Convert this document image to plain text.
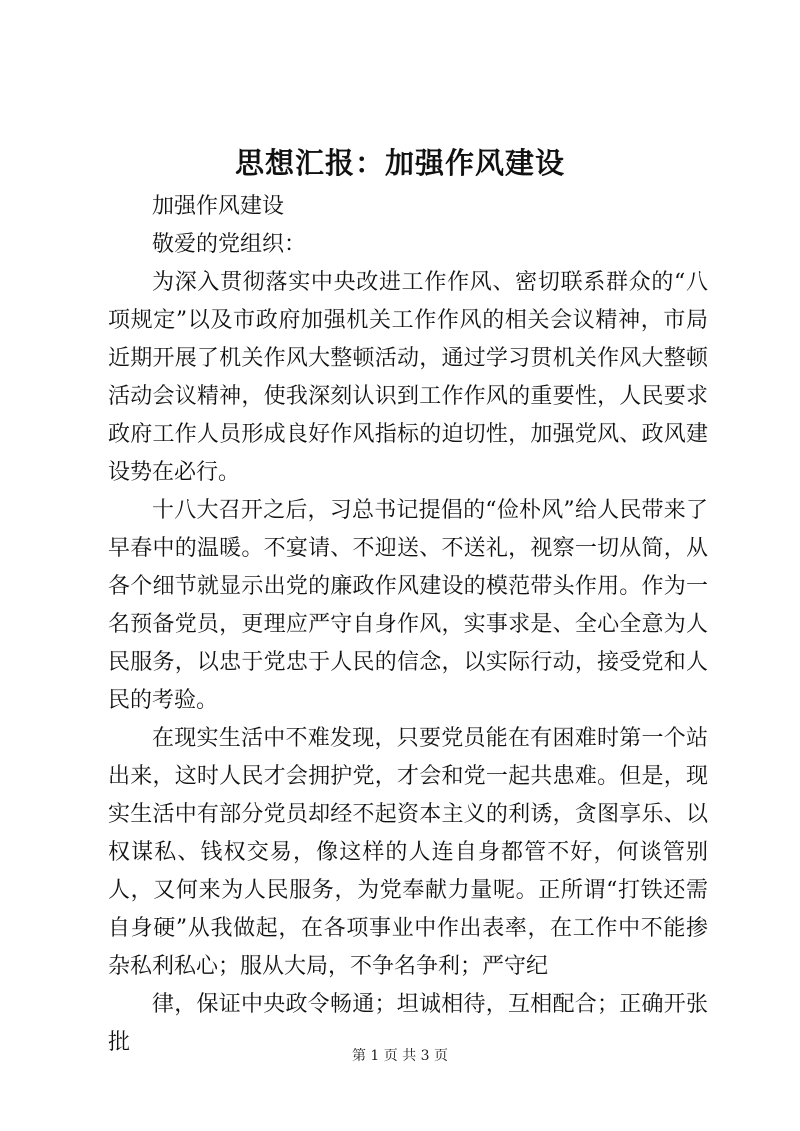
思想汇报：加强作风建设

加强作风建设

敬爱的党组织：

为深入贯彻落实中央改进工作作风、密切联系群众的“八项规定”以及市政府加强机关工作作风的相关会议精神，市局近期开展了机关作风大整顿活动，通过学习贯机关作风大整顿活动会议精神，使我深刻认识到工作作风的重要性，人民要求政府工作人员形成良好作风指标的迫切性，加强党风、政风建设势在必行。

十八大召开之后，习总书记提倡的“俭朴风”给人民带来了早春中的温暖。不宴请、不迎送、不送礼，视察一切从简，从各个细节就显示出党的廉政作风建设的模范带头作用。作为一名预备党员，更理应严守自身作风，实事求是、全心全意为人民服务，以忠于党忠于人民的信念，以实际行动，接受党和人民的考验。

在现实生活中不难发现，只要党员能在有困难时第一个站出来，这时人民才会拥护党，才会和党一起共患难。但是，现实生活中有部分党员却经不起资本主义的利诱，贪图享乐、以权谋私、钱权交易，像这样的人连自身都管不好，何谈管别人，又何来为人民服务，为党奉献力量呢。正所谓“打铁还需自身硬”从我做起，在各项事业中作出表率，在工作中不能掺杂私利私心；服从大局，不争名争利；严守纪

律，保证中央政令畅通；坦诚相待，互相配合；正确开张批

第 1 页 共 3 页
